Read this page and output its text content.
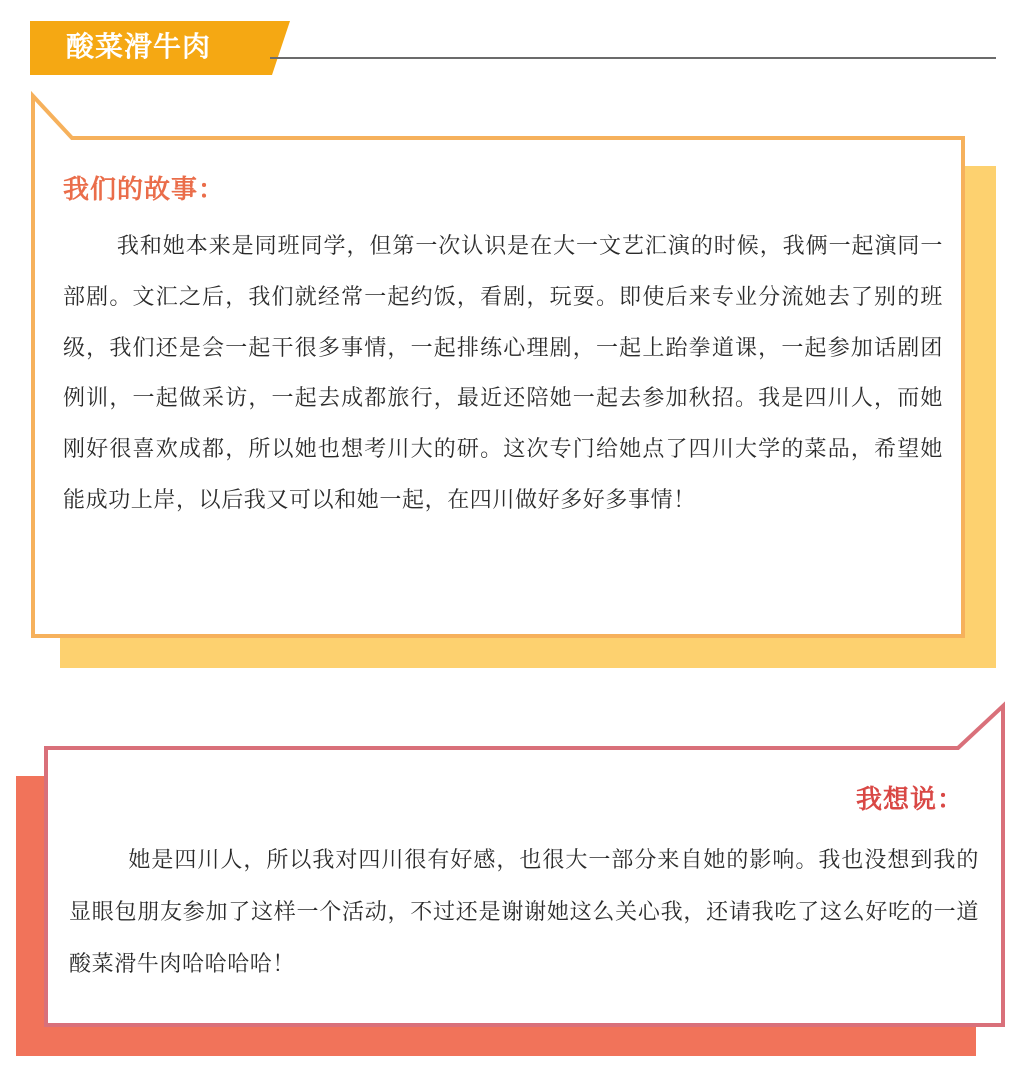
酸菜滑牛肉
我们的故事：

我和她本来是同班同学，但第一次认识是在大一文艺汇演的时候，我俩一起演同一部剧。文汇之后，我们就经常一起约饭，看剧，玩耍。即使后来专业分流她去了别的班级，我们还是会一起干很多事情，一起排练心理剧，一起上跆拳道课，一起参加话剧团例训，一起做采访，一起去成都旅行，最近还陪她一起去参加秋招。我是四川人，而她刚好很喜欢成都，所以她也想考川大的研。这次专门给她点了四川大学的菜品，希望她能成功上岸，以后我又可以和她一起，在四川做好多好多事情！

我想说：

她是四川人，所以我对四川很有好感，也很大一部分来自她的影响。我也没想到我的显眼包朋友参加了这样一个活动，不过还是谢谢她这么关心我，还请我吃了这么好吃的一道酸菜滑牛肉哈哈哈哈！
